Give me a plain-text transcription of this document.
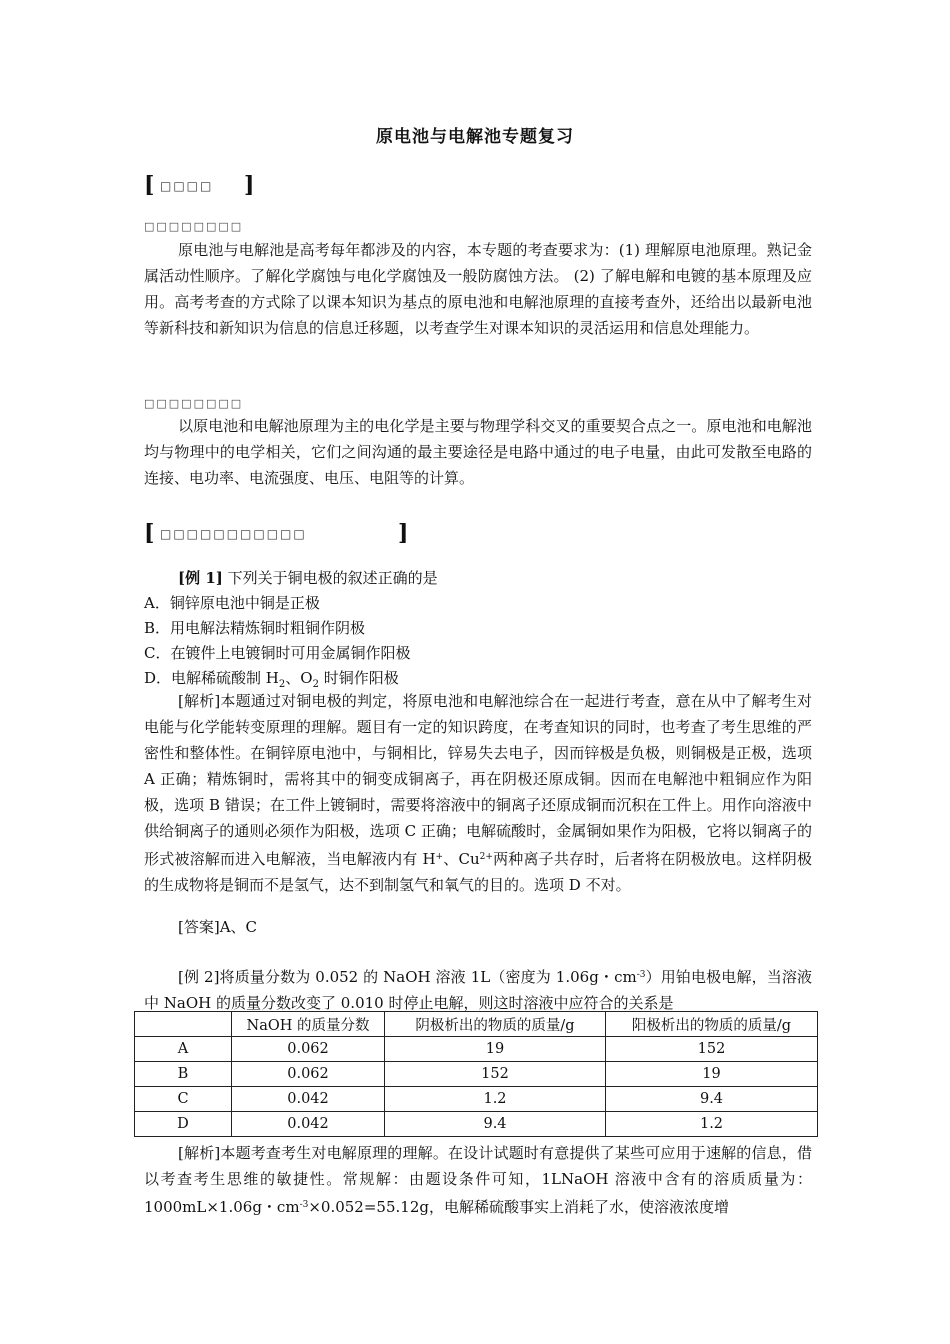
原电池与电解池专题复习
[ □□□□ ]
□□□□□□□□
原电池与电解池是高考每年都涉及的内容，本专题的考查要求为：(1) 理解原电池原理。熟记金属活动性顺序。了解化学腐蚀与电化学腐蚀及一般防腐蚀方法。 (2) 了解电解和电镀的基本原理及应用。高考考查的方式除了以课本知识为基点的原电池和电解池原理的直接考查外，还给出以最新电池等新科技和新知识为信息的信息迁移题，以考查学生对课本知识的灵活运用和信息处理能力。
□□□□□□□□
以原电池和电解池原理为主的电化学是主要与物理学科交叉的重要契合点之一。原电池和电解池均与物理中的电学相关，它们之间沟通的最主要途径是电路中通过的电子电量，由此可发散至电路的连接、电功率、电流强度、电压、电阻等的计算。
[ □□□□□□□□□□□	]
[例 1] 下列关于铜电极的叙述正确的是
A．铜锌原电池中铜是正极
B．用电解法精炼铜时粗铜作阴极
C．在镀件上电镀铜时可用金属铜作阳极
D．电解稀硫酸制 $H_2$、$O_2$ 时铜作阳极
[解析]本题通过对铜电极的判定，将原电池和电解池综合在一起进行考查，意在从中了解考生对电能与化学能转变原理的理解。题目有一定的知识跨度，在考查知识的同时，也考查了考生思维的严密性和整体性。在铜锌原电池中，与铜相比，锌易失去电子，因而锌极是负极，则铜极是正极，选项 A 正确；精炼铜时，需将其中的铜变成铜离子，再在阴极还原成铜。因而在电解池中粗铜应作为阳极，选项 B 错误；在工件上镀铜时，需要将溶液中的铜离子还原成铜而沉积在工件上。用作向溶液中供给铜离子的通则必须作为阳极，选项 C 正确；电解硫酸时，金属铜如果作为阳极，它将以铜离子的形式被溶解而进入电解液，当电解液内有 H+、$Cu^{2+}$两种离子共存时，后者将在阴极放电。这样阴极的生成物将是铜而不是氢气，达不到制氢气和氧气的目的。选项 D 不对。
[答案]A、C
[例 2]将质量分数为 0.052 的 NaOH 溶液 1L（密度为 1.06g・$cm^{-3}$）用铂电极电解，当溶液中 NaOH 的质量分数改变了 0.010 时停止电解，则这时溶液中应符合的关系是
	NaOH 的质量分数	阴极析出的物质的质量/g	阳极析出的物质的质量/g
A	0.062	19	152
B	0.062	152	19
C	0.042	1.2	9.4
D	0.042	9.4	1.2
[解析]本题考查考生对电解原理的理解。在设计试题时有意提供了某些可应用于速解的信息，借以考查考生思维的敏捷性。常规解：由题设条件可知，1LNaOH 溶液中含有的溶质质量为：1000mL×1.06g・$cm^{-3}\times 0.052=55.12g$，电解稀硫酸事实上消耗了水，使溶液浓度增
